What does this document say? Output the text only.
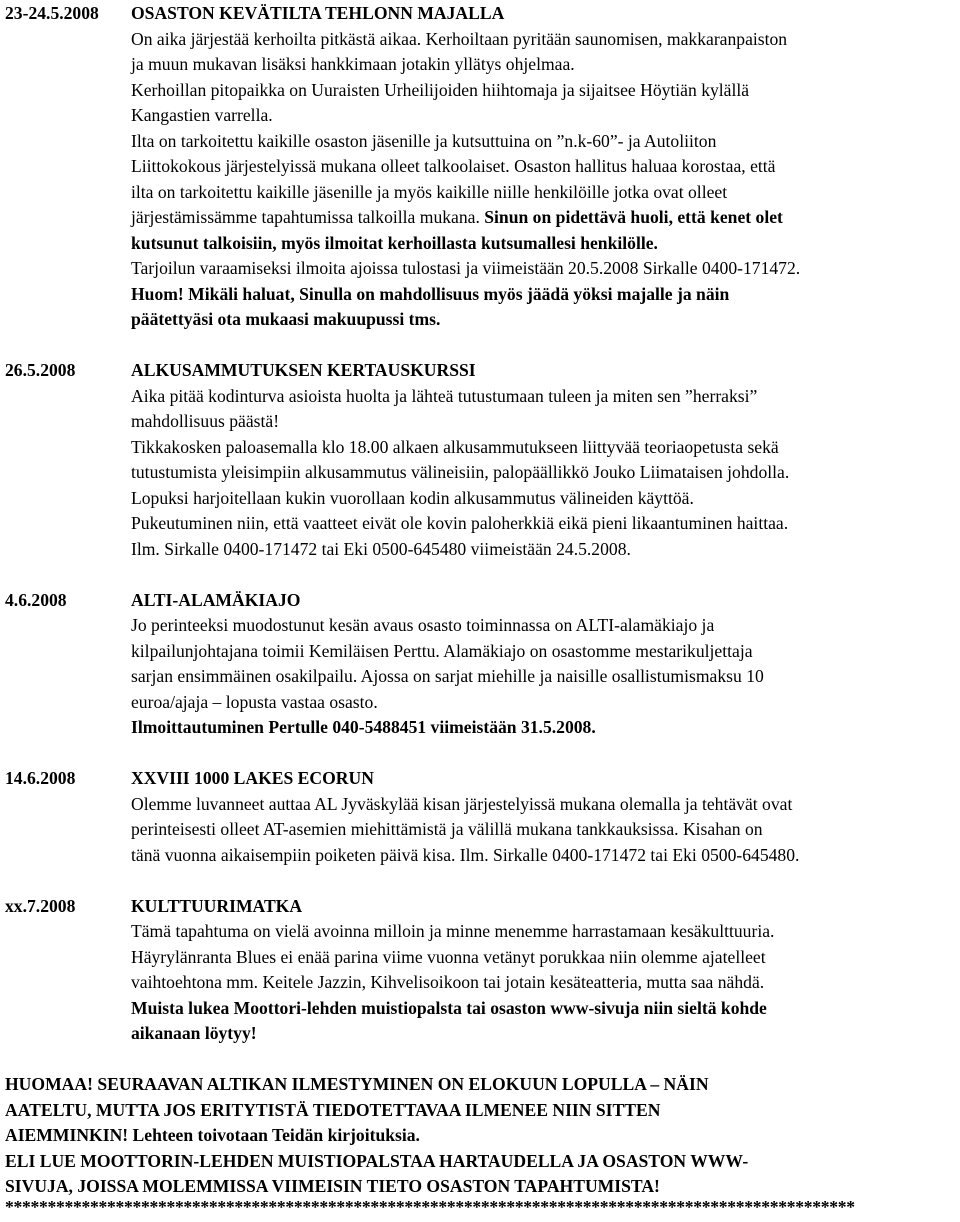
23-24.5.2008	OSASTON KEVÄTILTA TEHLONN MAJALLA
On aika järjestää kerhoilta pitkästä aikaa. Kerhoiltaan pyritään saunomisen, makkaranpaiston
ja muun mukavan lisäksi hankkimaan jotakin yllätys ohjelmaa.
Kerhoillan pitopaikka on Uuraisten Urheilijoiden hiihtomaja ja sijaitsee Höytiän kylällä
Kangastien varrella.
Ilta on tarkoitettu kaikille osaston jäsenille ja kutsuttuina on ”n.k-60”- ja Autoliiton
Liittokokous järjestelyissä mukana olleet talkoolaiset. Osaston hallitus haluaa korostaa, että
ilta on tarkoitettu kaikille jäsenille ja myös kaikille niille henkilöille jotka ovat olleet
järjestämissämme tapahtumissa talkoilla mukana. Sinun on pidettävä huoli, että kenet olet
kutsunut talkoisiin, myös ilmoitat kerhoillasta kutsumallesi henkilölle.
Tarjoilun varaamiseksi ilmoita ajoissa tulostasi ja viimeistään 20.5.2008 Sirkalle 0400-171472.
Huom! Mikäli haluat, Sinulla on mahdollisuus myös jäädä yöksi majalle ja näin
päätettyäsi ota mukaasi makuupussi tms.
26.5.2008	ALKUSAMMUTUKSEN KERTAUSKURSSI
Aika pitää kodinturva asioista huolta ja lähteä tutustumaan tuleen ja miten sen ”herraksi”
mahdollisuus päästä!
Tikkakosken paloasemalla klo 18.00 alkaen alkusammutukseen liittyvää teoriaopetusta sekä
tutustumista yleisimpiin alkusammutus välineisiin, palopäällikkö Jouko Liimataisen johdolla.
Lopuksi harjoitellaan kukin vuorollaan kodin alkusammutus välineiden käyttöä.
Pukeutuminen niin, että vaatteet eivät ole kovin paloherkkiä eikä pieni likaantuminen haittaa.
Ilm. Sirkalle 0400-171472 tai Eki 0500-645480 viimeistään 24.5.2008.
4.6.2008	ALTI-ALAMÄKIAJO
Jo perinteeksi muodostunut kesän avaus osasto toiminnassa on ALTI-alamäkiajo ja
kilpailunjohtajana toimii Kemiläisen Perttu. Alamäkiajo on osastomme mestarikuljettaja
sarjan ensimmäinen osakilpailu. Ajossa on sarjat miehille ja naisille osallistumismaksu 10
euroa/ajaja – lopusta vastaa osasto.
Ilmoittautuminen Pertulle 040-5488451 viimeistään 31.5.2008.
14.6.2008	XXVIII 1000 LAKES ECORUN
Olemme luvanneet auttaa AL Jyväskylää kisan järjestelyissä mukana olemalla ja tehtävät ovat
perinteisesti olleet AT-asemien miehittämistä ja välillä mukana tankkauksissa. Kisahan on
tänä vuonna aikaisempiin poiketen päivä kisa. Ilm. Sirkalle 0400-171472 tai Eki 0500-645480.
xx.7.2008	KULTTUURIMATKA
Tämä tapahtuma on vielä avoinna milloin ja minne menemme harrastamaan kesäkulttuuria.
Häyrylänranta Blues ei enää parina viime vuonna vetänyt porukkaa niin olemme ajatelleet
vaihtoehtona mm. Keitele Jazzin, Kihvelisoikoon tai jotain kesäteatteria, mutta saa nähdä.
Muista lukea Moottori-lehden muistiopalsta tai osaston www-sivuja niin sieltä kohde
aikanaan löytyy!
HUOMAA! SEURAAVAN ALTIKAN ILMESTYMINEN ON ELOKUUN LOPULLA – NÄIN
AATELTU, MUTTA JOS ERITYTISTÄ TIEDOTETTAVAA ILMENEE NIIN SITTEN
AIEMMINKIN! Lehteen toivotaan Teidän kirjoituksia.
ELI LUE MOOTTORIN-LEHDEN MUISTIOPALSTAA HARTAUDELLA JA OSASTON WWW-
SIVUJA, JOISSA MOLEMMISSA VIIMEISIN TIETO OSASTON TAPAHTUMISTA!
****************************************************************************************************
